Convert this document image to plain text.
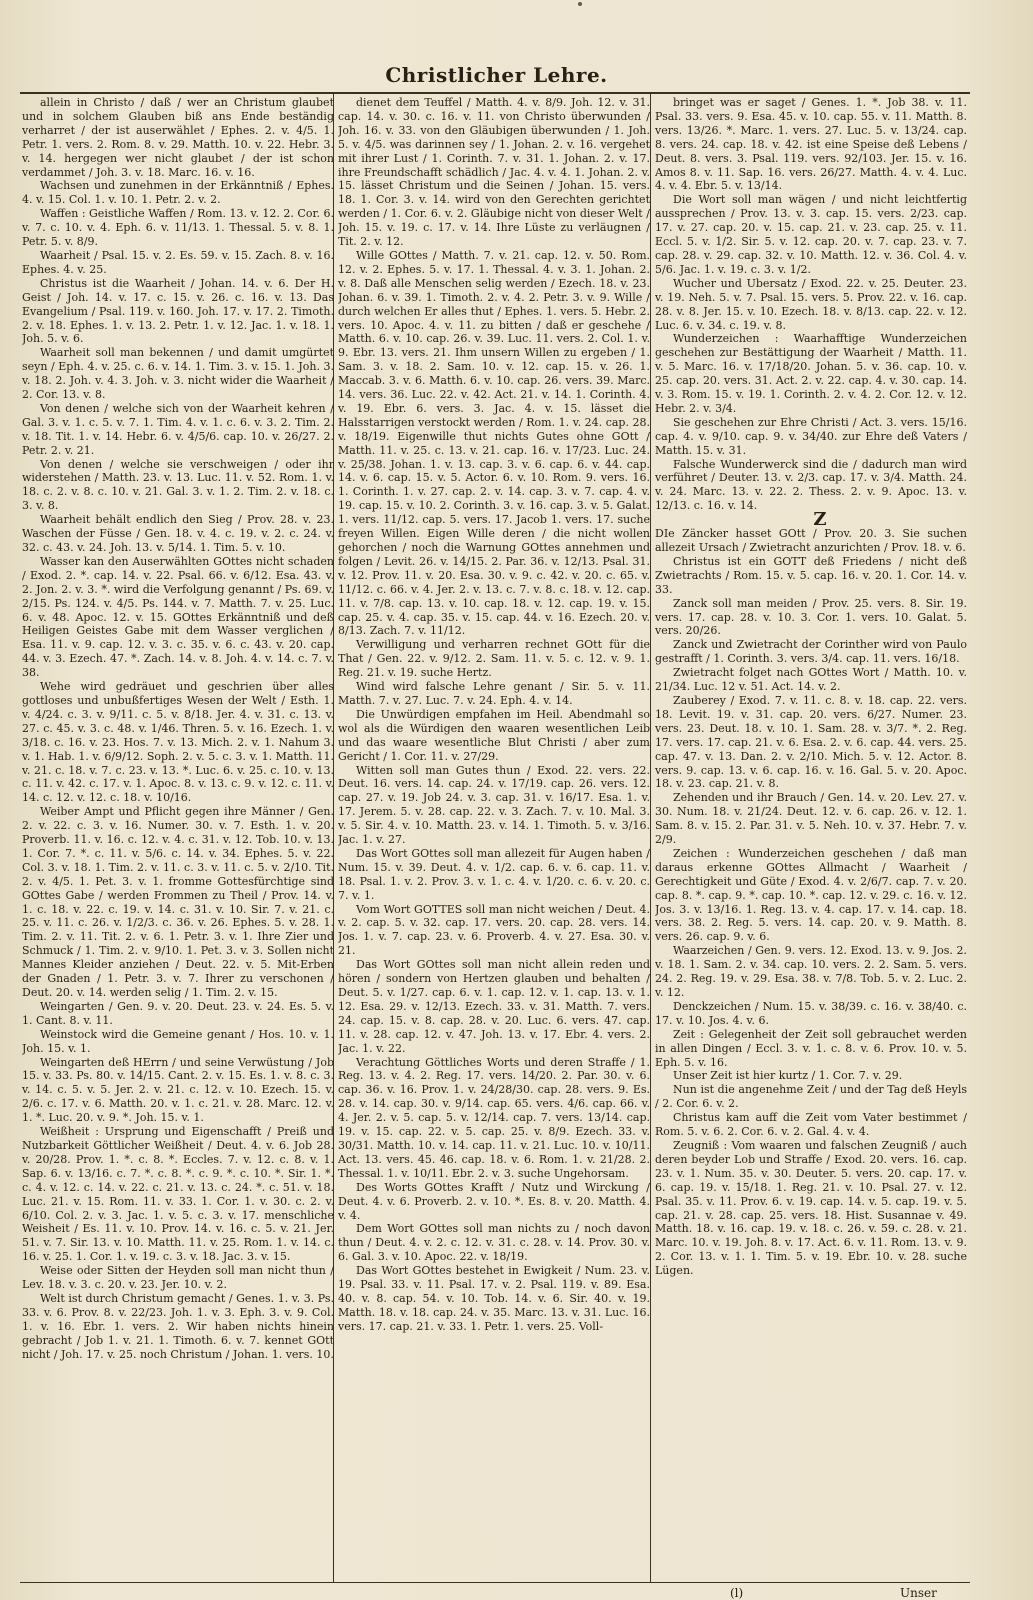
Christlicher Lehre.

allein in Christo / daß / wer an Christum glaubet und in solchem Glauben biß ans Ende beständig verharret / der ist auserwählet / Ephes. 2. v. 4/5. 1. Petr. 1. vers. 2. Rom. 8. v. 29. Matth. 10. v. 22. Hebr. 3. v. 14. hergegen wer nicht glaubet / der ist schon verdammet / Joh. 3. v. 18. Marc. 16. v. 16.

Wachsen und zunehmen in der Erkänntniß / Ephes. 4. v. 15. Col. 1. v. 10. 1. Petr. 2. v. 2.

Waffen : Geistliche Waffen / Rom. 13. v. 12. 2. Cor. 6. v. 7. c. 10. v. 4. Eph. 6. v. 11/13. 1. Thessal. 5. v. 8. 1. Petr. 5. v. 8/9.

Waarheit / Psal. 15. v. 2. Es. 59. v. 15. Zach. 8. v. 16. Ephes. 4. v. 25.

Christus ist die Waarheit / Johan. 14. v. 6. Der H. Geist / Joh. 14. v. 17. c. 15. v. 26. c. 16. v. 13. Das Evangelium / Psal. 119. v. 160. Joh. 17. v. 17. 2. Timoth. 2. v. 18. Ephes. 1. v. 13. 2. Petr. 1. v. 12. Jac. 1. v. 18. 1. Joh. 5. v. 6.

Waarheit soll man bekennen / und damit umgürtet seyn / Eph. 4. v. 25. c. 6. v. 14. 1. Tim. 3. v. 15. 1. Joh. 3. v. 18. 2. Joh. v. 4. 3. Joh. v. 3. nicht wider die Waarheit / 2. Cor. 13. v. 8.

Von denen / welche sich von der Waarheit kehren / Gal. 3. v. 1. c. 5. v. 7. 1. Tim. 4. v. 1. c. 6. v. 3. 2. Tim. 2. v. 18. Tit. 1. v. 14. Hebr. 6. v. 4/5/6. cap. 10. v. 26/27. 2. Petr. 2. v. 21.

Von denen / welche sie verschweigen / oder ihr widerstehen / Matth. 23. v. 13. Luc. 11. v. 52. Rom. 1. v. 18. c. 2. v. 8. c. 10. v. 21. Gal. 3. v. 1. 2. Tim. 2. v. 18. c. 3. v. 8.

Waarheit behält endlich den Sieg / Prov. 28. v. 23. Waschen der Füsse / Gen. 18. v. 4. c. 19. v. 2. c. 24. v. 32. c. 43. v. 24. Joh. 13. v. 5/14. 1. Tim. 5. v. 10.

Wasser kan den Auserwählten GOttes nicht schaden / Exod. 2. *. cap. 14. v. 22. Psal. 66. v. 6/12. Esa. 43. v. 2. Jon. 2. v. 3. *. wird die Verfolgung genannt / Ps. 69. v. 2/15. Ps. 124. v. 4/5. Ps. 144. v. 7. Matth. 7. v. 25. Luc. 6. v. 48. Apoc. 12. v. 15. GOttes Erkänntniß und deß Heiligen Geistes Gabe mit dem Wasser verglichen / Esa. 11. v. 9. cap. 12. v. 3. c. 35. v. 6. c. 43. v. 20. cap. 44. v. 3. Ezech. 47. *. Zach. 14. v. 8. Joh. 4. v. 14. c. 7. v. 38.

Wehe wird gedräuet und geschrien über alles gottloses und unbußfertiges Wesen der Welt / Esth. 1. v. 4/24. c. 3. v. 9/11. c. 5. v. 8/18. Jer. 4. v. 31. c. 13. v. 27. c. 45. v. 3. c. 48. v. 1/46. Thren. 5. v. 16. Ezech. 1. v. 3/18. c. 16. v. 23. Hos. 7. v. 13. Mich. 2. v. 1. Nahum 3. v. 1. Hab. 1. v. 6/9/12. Soph. 2. v. 5. c. 3. v. 1. Matth. 11. v. 21. c. 18. v. 7. c. 23. v. 13. *. Luc. 6. v. 25. c. 10. v. 13. c. 11. v. 42. c. 17. v. 1. Apoc. 8. v. 13. c. 9. v. 12. c. 11. v. 14. c. 12. v. 12. c. 18. v. 10/16.

Weiber Ampt und Pflicht gegen ihre Männer / Gen. 2. v. 22. c. 3. v. 16. Numer. 30. v. 7. Esth. 1. v. 20. Proverb. 11. v. 16. c. 12. v. 4. c. 31. v. 12. Tob. 10. v. 13. 1. Cor. 7. *. c. 11. v. 5/6. c. 14. v. 34. Ephes. 5. v. 22. Col. 3. v. 18. 1. Tim. 2. v. 11. c. 3. v. 11. c. 5. v. 2/10. Tit. 2. v. 4/5. 1. Pet. 3. v. 1. fromme Gottesfürchtige sind GOttes Gabe / werden Frommen zu Theil / Prov. 14. v. 1. c. 18. v. 22. c. 19. v. 14. c. 31. v. 10. Sir. 7. v. 21. c. 25. v. 11. c. 26. v. 1/2/3. c. 36. v. 26. Ephes. 5. v. 28. 1. Tim. 2. v. 11. Tit. 2. v. 6. 1. Petr. 3. v. 1. Ihre Zier und Schmuck / 1. Tim. 2. v. 9/10. 1. Pet. 3. v. 3. Sollen nicht Mannes Kleider anziehen / Deut. 22. v. 5. Mit-Erben der Gnaden / 1. Petr. 3. v. 7. Ihrer zu verschonen / Deut. 20. v. 14. werden selig / 1. Tim. 2. v. 15.

Weingarten / Gen. 9. v. 20. Deut. 23. v. 24. Es. 5. v. 1. Cant. 8. v. 11.

Weinstock wird die Gemeine genant / Hos. 10. v. 1. Joh. 15. v. 1.

Weingarten deß HErrn / und seine Verwüstung / Job 15. v. 33. Ps. 80. v. 14/15. Cant. 2. v. 15. Es. 1. v. 8. c. 3. v. 14. c. 5. v. 5. Jer. 2. v. 21. c. 12. v. 10. Ezech. 15. v. 2/6. c. 17. v. 6. Matth. 20. v. 1. c. 21. v. 28. Marc. 12. v. 1. *. Luc. 20. v. 9. *. Joh. 15. v. 1.

Weißheit : Ursprung und Eigenschafft / Preiß und Nutzbarkeit Göttlicher Weißheit / Deut. 4. v. 6. Job 28. v. 20/28. Prov. 1. *. c. 8. *. Eccles. 7. v. 12. c. 8. v. 1. Sap. 6. v. 13/16. c. 7. *. c. 8. *. c. 9. *. c. 10. *. Sir. 1. *. c. 4. v. 12. c. 14. v. 22. c. 21. v. 13. c. 24. *. c. 51. v. 18. Luc. 21. v. 15. Rom. 11. v. 33. 1. Cor. 1. v. 30. c. 2. v. 6/10. Col. 2. v. 3. Jac. 1. v. 5. c. 3. v. 17. menschliche Weisheit / Es. 11. v. 10. Prov. 14. v. 16. c. 5. v. 21. Jer. 51. v. 7. Sir. 13. v. 10. Matth. 11. v. 25. Rom. 1. v. 14. c. 16. v. 25. 1. Cor. 1. v. 19. c. 3. v. 18. Jac. 3. v. 15.

Weise oder Sitten der Heyden soll man nicht thun / Lev. 18. v. 3. c. 20. v. 23. Jer. 10. v. 2.

Welt ist durch Christum gemacht / Genes. 1. v. 3. Ps. 33. v. 6. Prov. 8. v. 22/23. Joh. 1. v. 3. Eph. 3. v. 9. Col. 1. v. 16. Ebr. 1. vers. 2. Wir haben nichts hinein gebracht / Job 1. v. 21. 1. Timoth. 6. v. 7. kennet GOtt nicht / Joh. 17. v. 25. noch Christum / Johan. 1. vers. 10.

dienet dem Teuffel / Matth. 4. v. 8/9. Joh. 12. v. 31. cap. 14. v. 30. c. 16. v. 11. von Christo überwunden / Joh. 16. v. 33. von den Gläubigen überwunden / 1. Joh. 5. v. 4/5. was darinnen sey / 1. Johan. 2. v. 16. vergehet mit ihrer Lust / 1. Corinth. 7. v. 31. 1. Johan. 2. v. 17. ihre Freundschafft schädlich / Jac. 4. v. 4. 1. Johan. 2. v. 15. lässet Christum und die Seinen / Johan. 15. vers. 18. 1. Cor. 3. v. 14. wird von den Gerechten gerichtet werden / 1. Cor. 6. v. 2. Gläubige nicht von dieser Welt / Joh. 15. v. 19. c. 17. v. 14. Ihre Lüste zu verläugnen / Tit. 2. v. 12.

Wille GOttes / Matth. 7. v. 21. cap. 12. v. 50. Rom. 12. v. 2. Ephes. 5. v. 17. 1. Thessal. 4. v. 3. 1. Johan. 2. v. 8. Daß alle Menschen selig werden / Ezech. 18. v. 23. Johan. 6. v. 39. 1. Timoth. 2. v. 4. 2. Petr. 3. v. 9. Wille / durch welchen Er alles thut / Ephes. 1. vers. 5. Hebr. 2. vers. 10. Apoc. 4. v. 11. zu bitten / daß er geschehe / Matth. 6. v. 10. cap. 26. v. 39. Luc. 11. vers. 2. Col. 1. v. 9. Ebr. 13. vers. 21. Ihm unsern Willen zu ergeben / 1. Sam. 3. v. 18. 2. Sam. 10. v. 12. cap. 15. v. 26. 1. Maccab. 3. v. 6. Matth. 6. v. 10. cap. 26. vers. 39. Marc. 14. vers. 36. Luc. 22. v. 42. Act. 21. v. 14. 1. Corinth. 4. v. 19. Ebr. 6. vers. 3. Jac. 4. v. 15. lässet die Halsstarrigen verstockt werden / Rom. 1. v. 24. cap. 28. v. 18/19. Eigenwille thut nichts Gutes ohne GOtt / Matth. 11. v. 25. c. 13. v. 21. cap. 16. v. 17/23. Luc. 24. v. 25/38. Johan. 1. v. 13. cap. 3. v. 6. cap. 6. v. 44. cap. 14. v. 6. cap. 15. v. 5. Actor. 6. v. 10. Rom. 9. vers. 16. 1. Corinth. 1. v. 27. cap. 2. v. 14. cap. 3. v. 7. cap. 4. v. 19. cap. 15. v. 10. 2. Corinth. 3. v. 16. cap. 3. v. 5. Galat. 1. vers. 11/12. cap. 5. vers. 17. Jacob 1. vers. 17. suche freyen Willen. Eigen Wille deren / die nicht wollen gehorchen / noch die Warnung GOttes annehmen und folgen / Levit. 26. v. 14/15. 2. Par. 36. v. 12/13. Psal. 31. v. 12. Prov. 11. v. 20. Esa. 30. v. 9. c. 42. v. 20. c. 65. v. 11/12. c. 66. v. 4. Jer. 2. v. 13. c. 7. v. 8. c. 18. v. 12. cap. 11. v. 7/8. cap. 13. v. 10. cap. 18. v. 12. cap. 19. v. 15. cap. 25. v. 4. cap. 35. v. 15. cap. 44. v. 16. Ezech. 20. v. 8/13. Zach. 7. v. 11/12.

Verwilligung und verharren rechnet GOtt für die That / Gen. 22. v. 9/12. 2. Sam. 11. v. 5. c. 12. v. 9. 1. Reg. 21. v. 19. suche Hertz.

Wind wird falsche Lehre genant / Sir. 5. v. 11. Matth. 7. v. 27. Luc. 7. v. 24. Eph. 4. v. 14.

Die Unwürdigen empfahen im Heil. Abendmahl so wol als die Würdigen den waaren wesentlichen Leib und das waare wesentliche Blut Christi / aber zum Gericht / 1. Cor. 11. v. 27/29.

Witten soll man Gutes thun / Exod. 22. vers. 22. Deut. 16. vers. 14. cap. 24. v. 17/19. cap. 26. vers. 12. cap. 27. v. 19. Job 24. v. 3. cap. 31. v. 16/17. Esa. 1. v. 17. Jerem. 5. v. 28. cap. 22. v. 3. Zach. 7. v. 10. Mal. 3. v. 5. Sir. 4. v. 10. Matth. 23. v. 14. 1. Timoth. 5. v. 3/16. Jac. 1. v. 27.

Das Wort GOttes soll man allezeit für Augen haben / Num. 15. v. 39. Deut. 4. v. 1/2. cap. 6. v. 6. cap. 11. v. 18. Psal. 1. v. 2. Prov. 3. v. 1. c. 4. v. 1/20. c. 6. v. 20. c. 7. v. 1.

Vom Wort GOTTES soll man nicht weichen / Deut. 4. v. 2. cap. 5. v. 32. cap. 17. vers. 20. cap. 28. vers. 14. Jos. 1. v. 7. cap. 23. v. 6. Proverb. 4. v. 27. Esa. 30. v. 21.

Das Wort GOttes soll man nicht allein reden und hören / sondern von Hertzen glauben und behalten / Deut. 5. v. 1/27. cap. 6. v. 1. cap. 12. v. 1. cap. 13. v. 1. 12. Esa. 29. v. 12/13. Ezech. 33. v. 31. Matth. 7. vers. 24. cap. 15. v. 8. cap. 28. v. 20. Luc. 6. vers. 47. cap. 11. v. 28. cap. 12. v. 47. Joh. 13. v. 17. Ebr. 4. vers. 2. Jac. 1. v. 22.

Verachtung Göttliches Worts und deren Straffe / 1. Reg. 13. v. 4. 2. Reg. 17. vers. 14/20. 2. Par. 30. v. 6. cap. 36. v. 16. Prov. 1. v. 24/28/30. cap. 28. vers. 9. Es. 28. v. 14. cap. 30. v. 9/14. cap. 65. vers. 4/6. cap. 66. v. 4. Jer. 2. v. 5. cap. 5. v. 12/14. cap. 7. vers. 13/14. cap. 19. v. 15. cap. 22. v. 5. cap. 25. v. 8/9. Ezech. 33. v. 30/31. Matth. 10. v. 14. cap. 11. v. 21. Luc. 10. v. 10/11. Act. 13. vers. 45. 46. cap. 18. v. 6. Rom. 1. v. 21/28. 2. Thessal. 1. v. 10/11. Ebr. 2. v. 3. suche Ungehorsam.

Des Worts GOttes Krafft / Nutz und Wirckung / Deut. 4. v. 6. Proverb. 2. v. 10. *. Es. 8. v. 20. Matth. 4. v. 4.

Dem Wort GOttes soll man nichts zu / noch davon thun / Deut. 4. v. 2. c. 12. v. 31. c. 28. v. 14. Prov. 30. v. 6. Gal. 3. v. 10. Apoc. 22. v. 18/19.

Das Wort GOttes bestehet in Ewigkeit / Num. 23. v. 19. Psal. 33. v. 11. Psal. 17. v. 2. Psal. 119. v. 89. Esa. 40. v. 8. cap. 54. v. 10. Tob. 14. v. 6. Sir. 40. v. 19. Matth. 18. v. 18. cap. 24. v. 35. Marc. 13. v. 31. Luc. 16. vers. 17. cap. 21. v. 33. 1. Petr. 1. vers. 25. Voll-

bringet was er saget / Genes. 1. *. Job 38. v. 11. Psal. 33. vers. 9. Esa. 45. v. 10. cap. 55. v. 11. Matth. 8. vers. 13/26. *. Marc. 1. vers. 27. Luc. 5. v. 13/24. cap. 8. vers. 24. cap. 18. v. 42. ist eine Speise deß Lebens / Deut. 8. vers. 3. Psal. 119. vers. 92/103. Jer. 15. v. 16. Amos 8. v. 11. Sap. 16. vers. 26/27. Matth. 4. v. 4. Luc. 4. v. 4. Ebr. 5. v. 13/14.

Die Wort soll man wägen / und nicht leichtfertig aussprechen / Prov. 13. v. 3. cap. 15. vers. 2/23. cap. 17. v. 27. cap. 20. v. 15. cap. 21. v. 23. cap. 25. v. 11. Eccl. 5. v. 1/2. Sir. 5. v. 12. cap. 20. v. 7. cap. 23. v. 7. cap. 28. v. 29. cap. 32. v. 10. Matth. 12. v. 36. Col. 4. v. 5/6. Jac. 1. v. 19. c. 3. v. 1/2.

Wucher und Ubersatz / Exod. 22. v. 25. Deuter. 23. v. 19. Neh. 5. v. 7. Psal. 15. vers. 5. Prov. 22. v. 16. cap. 28. v. 8. Jer. 15. v. 10. Ezech. 18. v. 8/13. cap. 22. v. 12. Luc. 6. v. 34. c. 19. v. 8.

Wunderzeichen : Waarhafftige Wunderzeichen geschehen zur Bestättigung der Waarheit / Matth. 11. v. 5. Marc. 16. v. 17/18/20. Johan. 5. v. 36. cap. 10. v. 25. cap. 20. vers. 31. Act. 2. v. 22. cap. 4. v. 30. cap. 14. v. 3. Rom. 15. v. 19. 1. Corinth. 2. v. 4. 2. Cor. 12. v. 12. Hebr. 2. v. 3/4.

Sie geschehen zur Ehre Christi / Act. 3. vers. 15/16. cap. 4. v. 9/10. cap. 9. v. 34/40. zur Ehre deß Vaters / Matth. 15. v. 31.

Falsche Wunderwerck sind die / dadurch man wird verführet / Deuter. 13. v. 2/3. cap. 17. v. 3/4. Matth. 24. v. 24. Marc. 13. v. 22. 2. Thess. 2. v. 9. Apoc. 13. v. 12/13. c. 16. v. 14.

Z

DIe Zäncker hasset GOtt / Prov. 20. 3. Sie suchen allezeit Ursach / Zwietracht anzurichten / Prov. 18. v. 6.

Christus ist ein GOTT deß Friedens / nicht deß Zwietrachts / Rom. 15. v. 5. cap. 16. v. 20. 1. Cor. 14. v. 33.

Zanck soll man meiden / Prov. 25. vers. 8. Sir. 19. vers. 17. cap. 28. v. 10. 3. Cor. 1. vers. 10. Galat. 5. vers. 20/26.

Zanck und Zwietracht der Corinther wird von Paulo gestrafft / 1. Corinth. 3. vers. 3/4. cap. 11. vers. 16/18.

Zwietracht folget nach GOttes Wort / Matth. 10. v. 21/34. Luc. 12 v. 51. Act. 14. v. 2.

Zauberey / Exod. 7. v. 11. c. 8. v. 18. cap. 22. vers. 18. Levit. 19. v. 31. cap. 20. vers. 6/27. Numer. 23. vers. 23. Deut. 18. v. 10. 1. Sam. 28. v. 3/7. *. 2. Reg. 17. vers. 17. cap. 21. v. 6. Esa. 2. v. 6. cap. 44. vers. 25. cap. 47. v. 13. Dan. 2. v. 2/10. Mich. 5. v. 12. Actor. 8. vers. 9. cap. 13. v. 6. cap. 16. v. 16. Gal. 5. v. 20. Apoc. 18. v. 23. cap. 21. v. 8.

Zehenden und ihr Brauch / Gen. 14. v. 20. Lev. 27. v. 30. Num. 18. v. 21/24. Deut. 12. v. 6. cap. 26. v. 12. 1. Sam. 8. v. 15. 2. Par. 31. v. 5. Neh. 10. v. 37. Hebr. 7. v. 2/9.

Zeichen : Wunderzeichen geschehen / daß man daraus erkenne GOttes Allmacht / Waarheit / Gerechtigkeit und Güte / Exod. 4. v. 2/6/7. cap. 7. v. 20. cap. 8. *. cap. 9. *. cap. 10. *. cap. 12. v. 29. c. 16. v. 12. Jos. 3. v. 13/16. 1. Reg. 13. v. 4. cap. 17. v. 14. cap. 18. vers. 38. 2. Reg. 5. vers. 14. cap. 20. v. 9. Matth. 8. vers. 26. cap. 9. v. 6.

Waarzeichen / Gen. 9. vers. 12. Exod. 13. v. 9. Jos. 2. v. 18. 1. Sam. 2. v. 34. cap. 10. vers. 2. 2. Sam. 5. vers. 24. 2. Reg. 19. v. 29. Esa. 38. v. 7/8. Tob. 5. v. 2. Luc. 2. v. 12.

Denckzeichen / Num. 15. v. 38/39. c. 16. v. 38/40. c. 17. v. 10. Jos. 4. v. 6.

Zeit : Gelegenheit der Zeit soll gebrauchet werden in allen Dingen / Eccl. 3. v. 1. c. 8. v. 6. Prov. 10. v. 5. Eph. 5. v. 16.

Unser Zeit ist hier kurtz / 1. Cor. 7. v. 29.

Nun ist die angenehme Zeit / und der Tag deß Heyls / 2. Cor. 6. v. 2.

Christus kam auff die Zeit vom Vater bestimmet / Rom. 5. v. 6. 2. Cor. 6. v. 2. Gal. 4. v. 4.

Zeugniß : Vom waaren und falschen Zeugniß / auch deren beyder Lob und Straffe / Exod. 20. vers. 16. cap. 23. v. 1. Num. 35. v. 30. Deuter. 5. vers. 20. cap. 17. v. 6. cap. 19. v. 15/18. 1. Reg. 21. v. 10. Psal. 27. v. 12. Psal. 35. v. 11. Prov. 6. v. 19. cap. 14. v. 5. cap. 19. v. 5. cap. 21. v. 28. cap. 25. vers. 18. Hist. Susannae v. 49. Matth. 18. v. 16. cap. 19. v. 18. c. 26. v. 59. c. 28. v. 21. Marc. 10. v. 19. Joh. 8. v. 17. Act. 6. v. 11. Rom. 13. v. 9. 2. Cor. 13. v. 1. 1. Tim. 5. v. 19. Ebr. 10. v. 28. suche Lügen.

(l)	Unser
